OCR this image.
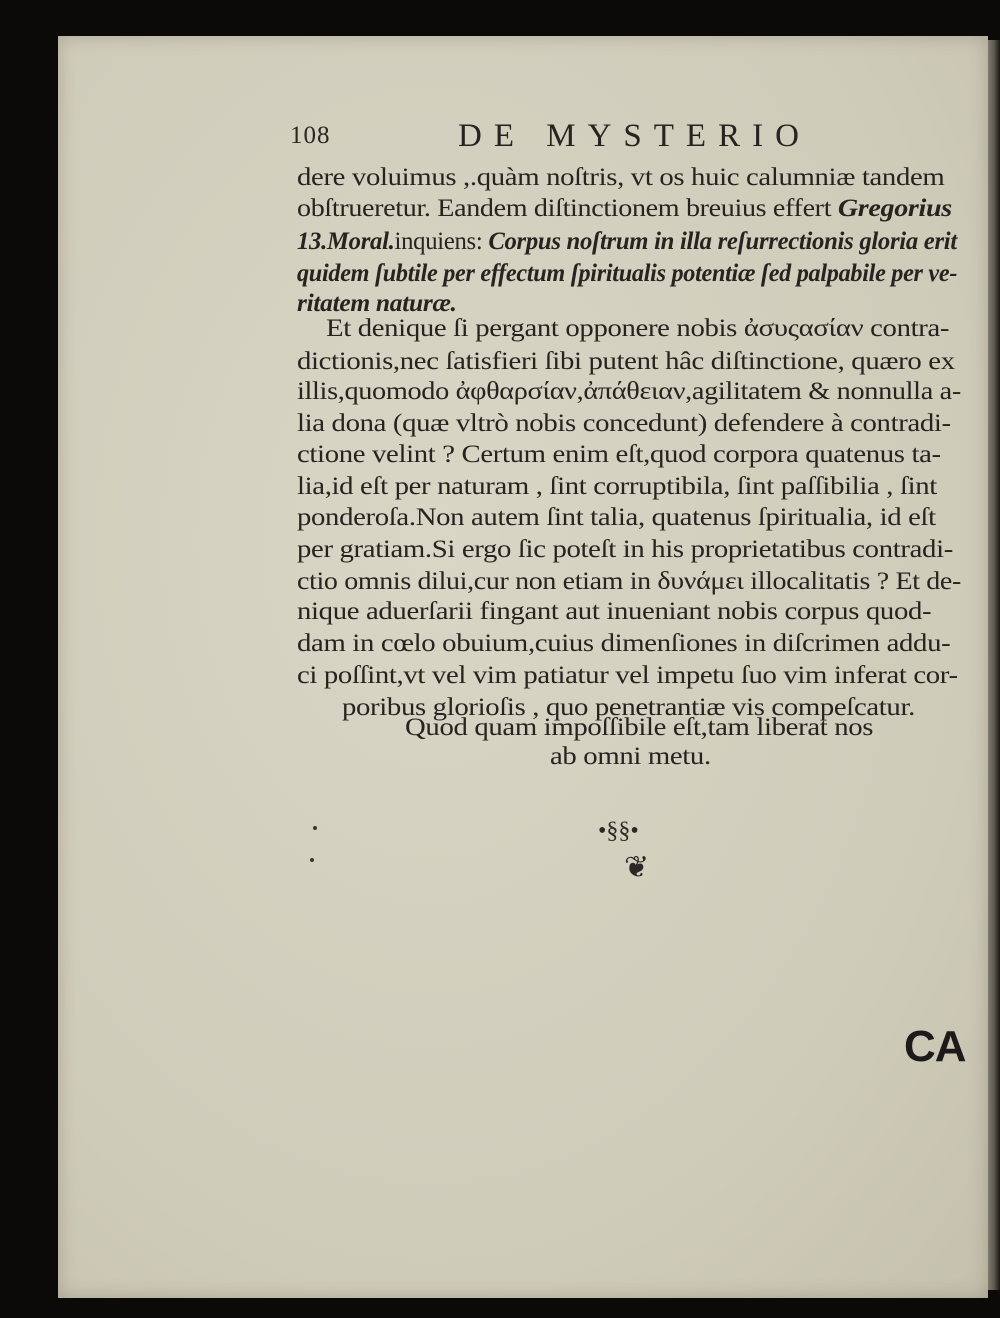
108	DE MYSTERIO
dere voluimus ,.quàm noſtris, vt os huic calumniæ tandem
obſtrueretur. Eandem diſtinctionem breuius effert Gregorius
13.Moral.inquiens: Corpus noſtrum in illa reſurrectionis gloria erit
quidem ſubtile per effectum ſpiritualis potentiæ ſed palpabile per ve-
ritatem naturæ.
Et denique ſi pergant opponere nobis ἀσυςασίαν contra-
dictionis,nec ſatisfieri ſibi putent hâc diſtinctione, quæro ex
illis,quomodo ἀφθαρσίαν,ἀπάθειαν,agilitatem & nonnulla a-
lia dona (quæ vltrò nobis concedunt) defendere à contradi-
ctione velint ? Certum enim eſt,quod corpora quatenus ta-
lia,id eſt per naturam , ſint corruptibila, ſint paſſibilia , ſint
ponderoſa.Non autem ſint talia, quatenus ſpiritualia, id eſt
per gratiam.Si ergo ſic poteſt in his proprietatibus contradi-
ctio omnis dilui,cur non etiam in δυνάμει illocalitatis ? Et de-
nique aduerſarii fingant aut inueniant nobis corpus quod-
dam in cœlo obuium,cuius dimenſiones in diſcrimen addu-
ci poſſint,vt vel vim patiatur vel impetu ſuo vim inferat cor-
poribus glorioſis , quo penetrantiæ vis compeſcatur.
Quod quam impoſſibile eſt,tam liberat nos
ab omni metu.
•§§•
❦
CA
